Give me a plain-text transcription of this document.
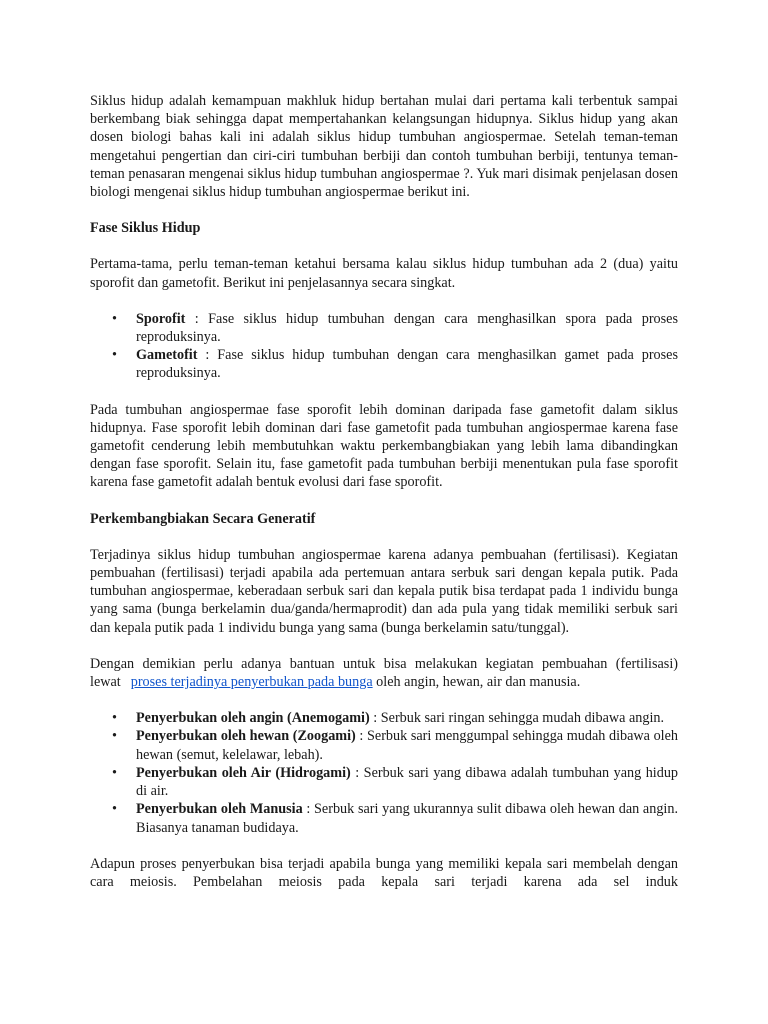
Siklus hidup adalah kemampuan makhluk hidup bertahan mulai dari pertama kali terbentuk sampai berkembang biak sehingga dapat mempertahankan kelangsungan hidupnya. Siklus hidup yang akan dosen biologi bahas kali ini adalah siklus hidup tumbuhan angiospermae. Setelah teman-teman mengetahui pengertian dan ciri-ciri tumbuhan berbiji dan contoh tumbuhan berbiji, tentunya teman-teman penasaran mengenai siklus hidup tumbuhan angiospermae ?. Yuk mari disimak penjelasan dosen biologi mengenai siklus hidup tumbuhan angiospermae berikut ini.

Fase Siklus Hidup

Pertama-tama, perlu teman-teman ketahui bersama kalau siklus hidup tumbuhan ada 2 (dua) yaitu sporofit dan gametofit. Berikut ini penjelasannya secara singkat.

• Sporofit : Fase siklus hidup tumbuhan dengan cara menghasilkan spora pada proses reproduksinya.
• Gametofit : Fase siklus hidup tumbuhan dengan cara menghasilkan gamet pada proses reproduksinya.

Pada tumbuhan angiospermae fase sporofit lebih dominan daripada fase gametofit dalam siklus hidupnya. Fase sporofit lebih dominan dari fase gametofit pada tumbuhan angiospermae karena fase gametofit cenderung lebih membutuhkan waktu perkembangbiakan yang lebih lama dibandingkan dengan fase sporofit. Selain itu, fase gametofit pada tumbuhan berbiji menentukan pula fase sporofit karena fase gametofit adalah bentuk evolusi dari fase sporofit.

Perkembangbiakan Secara Generatif

Terjadinya siklus hidup tumbuhan angiospermae karena adanya pembuahan (fertilisasi). Kegiatan pembuahan (fertilisasi) terjadi apabila ada pertemuan antara serbuk sari dengan kepala putik. Pada tumbuhan angiospermae, keberadaan serbuk sari dan kepala putik bisa terdapat pada 1 individu bunga yang sama (bunga berkelamin dua/ganda/hermaprodit) dan ada pula yang tidak memiliki serbuk sari dan kepala putik pada 1 individu bunga yang sama (bunga berkelamin satu/tunggal).

Dengan demikian perlu adanya bantuan untuk bisa melakukan kegiatan pembuahan (fertilisasi) lewat proses terjadinya penyerbukan pada bunga oleh angin, hewan, air dan manusia.

• Penyerbukan oleh angin (Anemogami) : Serbuk sari ringan sehingga mudah dibawa angin.
• Penyerbukan oleh hewan (Zoogami) : Serbuk sari menggumpal sehingga mudah dibawa oleh hewan (semut, kelelawar, lebah).
• Penyerbukan oleh Air (Hidrogami) : Serbuk sari yang dibawa adalah tumbuhan yang hidup di air.
• Penyerbukan oleh Manusia : Serbuk sari yang ukurannya sulit dibawa oleh hewan dan angin. Biasanya tanaman budidaya.

Adapun proses penyerbukan bisa terjadi apabila bunga yang memiliki kepala sari membelah dengan cara meiosis. Pembelahan meiosis pada kepala sari terjadi karena ada sel induk
